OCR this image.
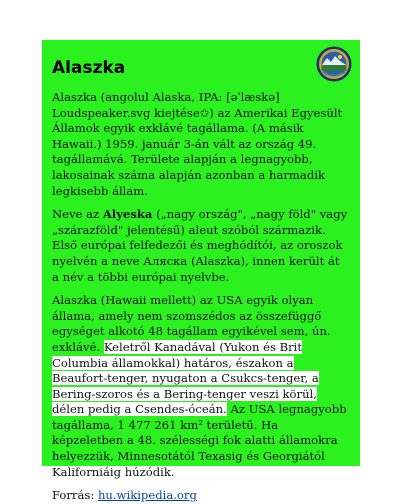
Alaszka

Alaszka (angolul Alaska, IPA: [əˈlæskə] Loudspeaker.svg kiejtése✩) az Amerikai Egyesült Államok egyik exklávé tagállama. (A másik Hawaii.) 1959. január 3-án vált az ország 49. tagállamává. Területe alapján a legnagyobb, lakosainak száma alapján azonban a harmadik legkisebb állam.

Neve az Alyeska („nagy ország", „nagy föld" vagy „szárazföld" jelentésű) aleut szóból származik. Első európai felfedezői és meghódítói, az oroszok nyelvén a neve Аляска (Alaszka), innen került át a név a többi európai nyelvbe.

Alaszka (Hawaii mellett) az USA egyik olyan állama, amely nem szomszédos az összefüggő egységet alkotó 48 tagállam egyikével sem, ún. exklávé. Keletről Kanadával (Yukon és Brit Columbia államokkal) határos, északon a Beaufort-tenger, nyugaton a Csukcs-tenger, a Bering-szoros és a Bering-tenger veszi körül, délen pedig a Csendes-óceán. Az USA legnagyobb tagállama, 1 477 261 km² területű. Ha képzeletben a 48. szélességi fok alatti államokra helyezzük, Minnesotától Texasig és Georgiától Kaliforniáig húzódik.

Forrás: hu.wikipedia.org
